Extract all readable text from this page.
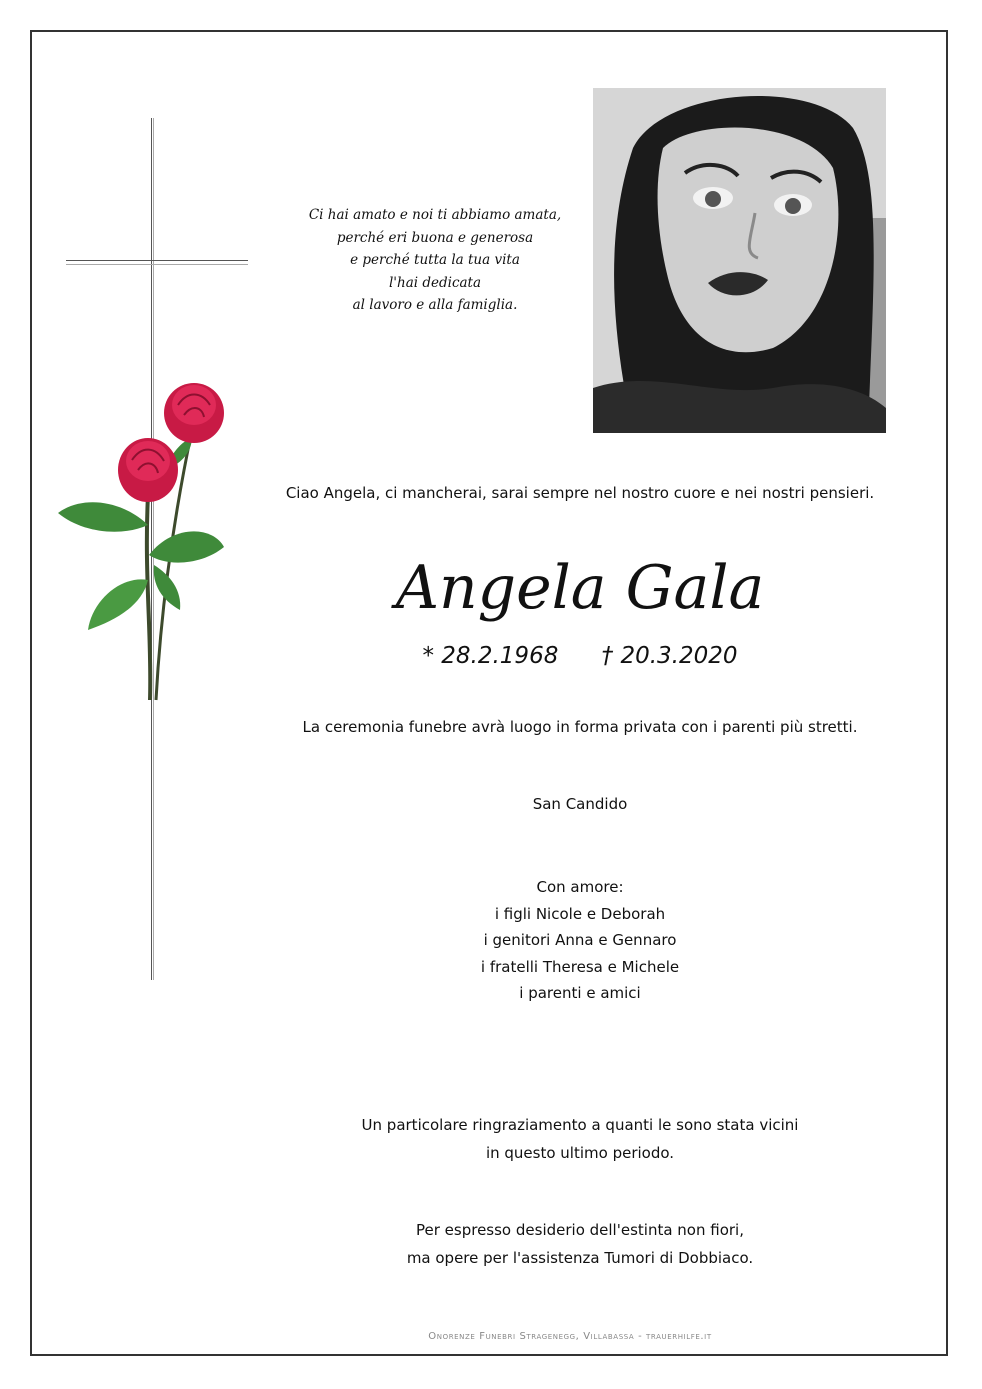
Ci hai amato e noi ti abbiamo amata,
perché eri buona e generosa
e perché tutta la tua vita
l'hai dedicata
al lavoro e alla famiglia.
Ciao Angela, ci mancherai, sarai sempre nel nostro cuore e nei nostri pensieri.
Angela Gala
* 28.2.1968 † 20.3.2020
La ceremonia funebre avrà luogo in forma privata con i parenti più stretti.
San Candido
Con amore:
i figli Nicole e Deborah
i genitori Anna e Gennaro
i fratelli Theresa e Michele
i parenti e amici
Un particolare ringraziamento a quanti le sono stata vicini
in questo ultimo periodo.
Per espresso desiderio dell'estinta non fiori,
ma opere per l'assistenza Tumori di Dobbiaco.
Onorenze Funebri Stragenegg, Villabassa - trauerhilfe.it
